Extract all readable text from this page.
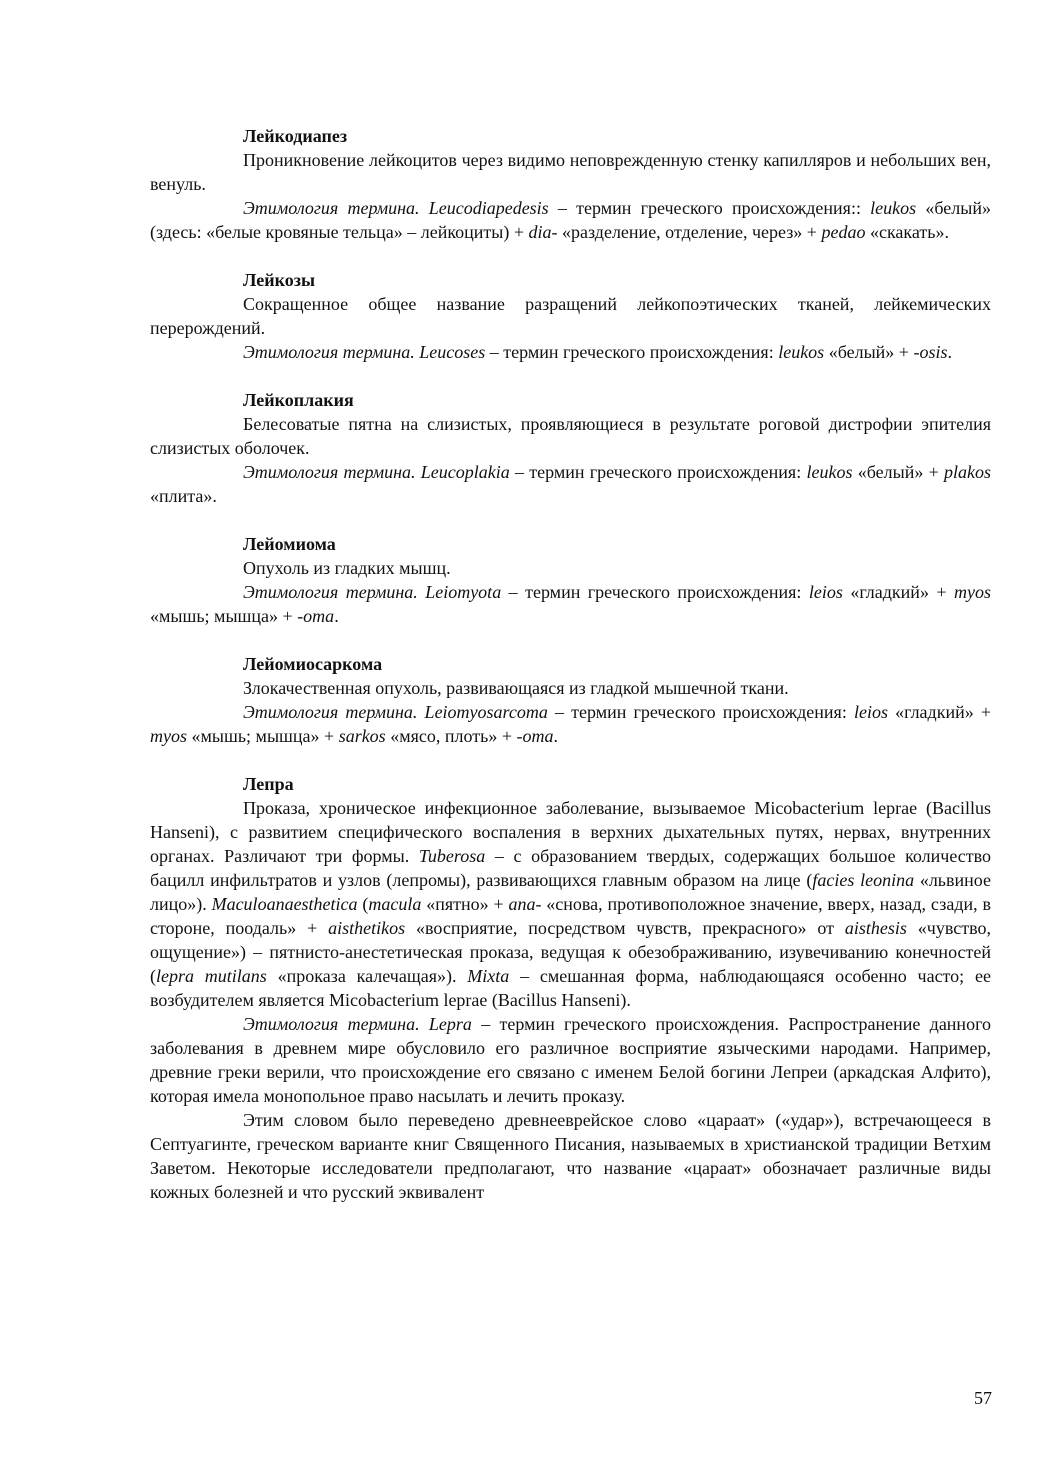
Лейкодиапез

Проникновение лейкоцитов через видимо неповрежденную стенку капилляров и небольших вен, венуль.

Этимология термина. Leucodiapedesis – термин греческого происхождения:: leukos «белый» (здесь: «белые кровяные тельца» – лейкоциты) + dia- «разделение, отделение, через» + pedao «скакать».

Лейкозы

Сокращенное общее название разращений лейкопоэтических тканей, лейкемических перерождений.

Этимология термина. Leucoses – термин греческого происхождения: leukos «белый» + -osis.

Лейкоплакия

Белесоватые пятна на слизистых, проявляющиеся в результате роговой дистрофии эпителия слизистых оболочек.

Этимология термина. Leucoplakia – термин греческого происхождения: leukos «белый» + plakos «плита».

Лейомиома

Опухоль из гладких мышц.

Этимология термина. Leiomyota – термин греческого происхождения: leios «гладкий» + myos «мышь; мышца» + -oma.

Лейомиосаркома

Злокачественная опухоль, развивающаяся из гладкой мышечной ткани.

Этимология термина. Leiomyosarcoma – термин греческого происхождения: leios «гладкий» + myos «мышь; мышца» + sarkos «мясо, плоть» + -oma.

Лепра

Проказа, хроническое инфекционное заболевание, вызываемое Micobacterium leprae (Bacillus Hanseni), с развитием специфического воспаления в верхних дыхательных путях, нервах, внутренних органах. Различают три формы. Tuberosa – с образованием твердых, содержащих большое количество бацилл инфильтратов и узлов (лепромы), развивающихся главным образом на лице (facies leonina «львиное лицо»). Maculoanaesthetica (macula «пятно» + ana- «снова, противоположное значение, вверх, назад, сзади, в стороне, поодаль» + aisthetikos «восприятие, посредством чувств, прекрасного» от aisthesis «чувство, ощущение») – пятнисто-анестетическая проказа, ведущая к обезображиванию, изувечиванию конечностей (lepra mutilans «проказа калечащая»). Mixta – смешанная форма, наблюдающаяся особенно часто; ее возбудителем является Micobacterium leprae (Bacillus Hanseni).

Этимология термина. Lepra – термин греческого происхождения. Распространение данного заболевания в древнем мире обусловило его различное восприятие языческими народами. Например, древние греки верили, что происхождение его связано с именем Белой богини Лепреи (аркадская Алфито), которая имела монопольное право насылать и лечить проказу.

Этим словом было переведено древнееврейское слово «цараат» («удар»), встречающееся в Септуагинте, греческом варианте книг Священного Писания, называемых в христианской традиции Ветхим Заветом. Некоторые исследователи предполагают, что название «цараат» обозначает различные виды кожных болезней и что русский эквивалент

57
